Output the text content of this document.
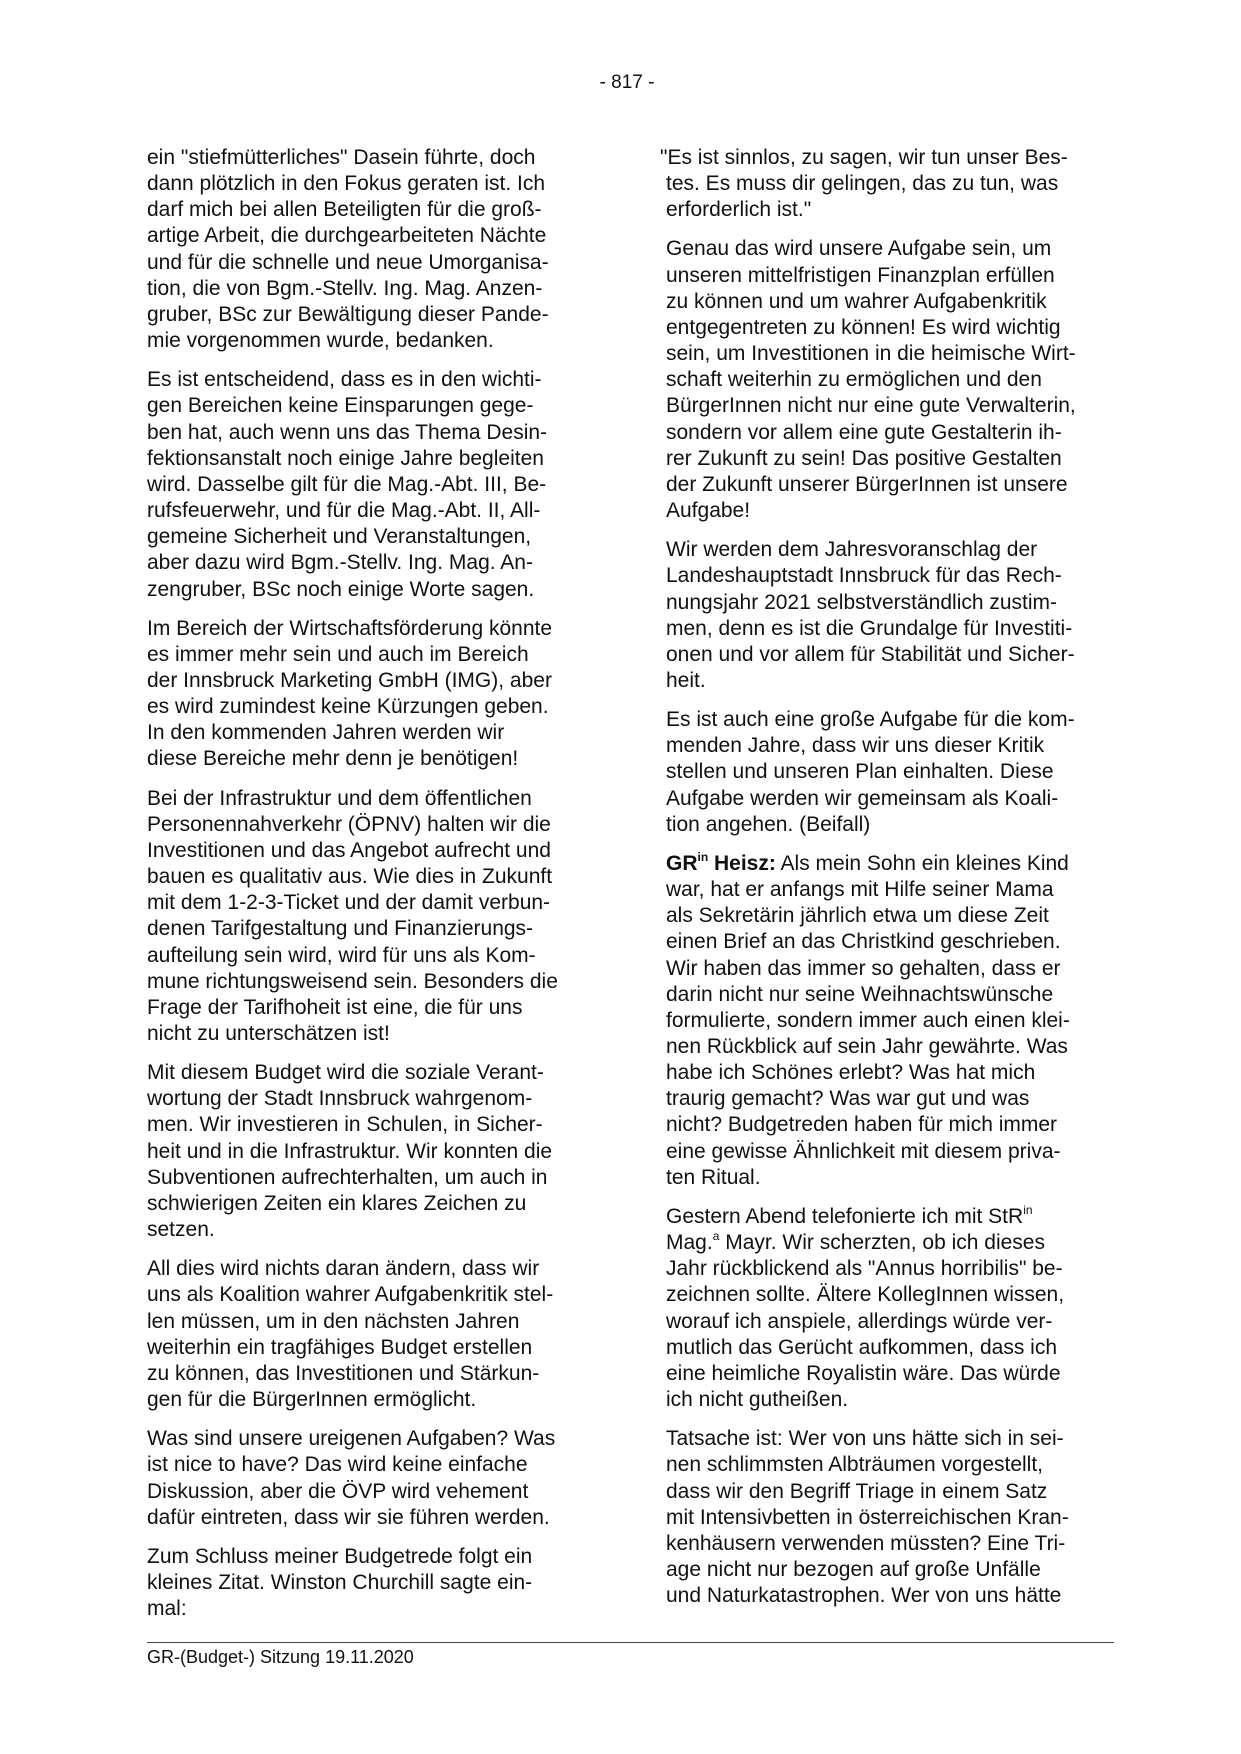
- 817 -
ein "stiefmütterliches" Dasein führte, doch
dann plötzlich in den Fokus geraten ist. Ich
darf mich bei allen Beteiligten für die groß-
artige Arbeit, die durchgearbeiteten Nächte
und für die schnelle und neue Umorganisa-
tion, die von Bgm.-Stellv. Ing. Mag. Anzen-
gruber, BSc zur Bewältigung dieser Pande-
mie vorgenommen wurde, bedanken.
Es ist entscheidend, dass es in den wichti-
gen Bereichen keine Einsparungen gege-
ben hat, auch wenn uns das Thema Desin-
fektionsanstalt noch einige Jahre begleiten
wird. Dasselbe gilt für die Mag.-Abt. III, Be-
rufsfeuerwehr, und für die Mag.-Abt. II, All-
gemeine Sicherheit und Veranstaltungen,
aber dazu wird Bgm.-Stellv. Ing. Mag. An-
zengruber, BSc noch einige Worte sagen.
Im Bereich der Wirtschaftsförderung könnte
es immer mehr sein und auch im Bereich
der Innsbruck Marketing GmbH (IMG), aber
es wird zumindest keine Kürzungen geben.
In den kommenden Jahren werden wir
diese Bereiche mehr denn je benötigen!
Bei der Infrastruktur und dem öffentlichen
Personennahverkehr (ÖPNV) halten wir die
Investitionen und das Angebot aufrecht und
bauen es qualitativ aus. Wie dies in Zukunft
mit dem 1-2-3-Ticket und der damit verbun-
denen Tarifgestaltung und Finanzierungs-
aufteilung sein wird, wird für uns als Kom-
mune richtungsweisend sein. Besonders die
Frage der Tarifhoheit ist eine, die für uns
nicht zu unterschätzen ist!
Mit diesem Budget wird die soziale Verant-
wortung der Stadt Innsbruck wahrgenom-
men. Wir investieren in Schulen, in Sicher-
heit und in die Infrastruktur. Wir konnten die
Subventionen aufrechterhalten, um auch in
schwierigen Zeiten ein klares Zeichen zu
setzen.
All dies wird nichts daran ändern, dass wir
uns als Koalition wahrer Aufgabenkritik stel-
len müssen, um in den nächsten Jahren
weiterhin ein tragfähiges Budget erstellen
zu können, das Investitionen und Stärkun-
gen für die BürgerInnen ermöglicht.
Was sind unsere ureigenen Aufgaben? Was
ist nice to have? Das wird keine einfache
Diskussion, aber die ÖVP wird vehement
dafür eintreten, dass wir sie führen werden.
Zum Schluss meiner Budgetrede folgt ein
kleines Zitat. Winston Churchill sagte ein-
mal:
"Es ist sinnlos, zu sagen, wir tun unser Bes-
tes. Es muss dir gelingen, das zu tun, was
erforderlich ist."
Genau das wird unsere Aufgabe sein, um
unseren mittelfristigen Finanzplan erfüllen
zu können und um wahrer Aufgabenkritik
entgegentreten zu können! Es wird wichtig
sein, um Investitionen in die heimische Wirt-
schaft weiterhin zu ermöglichen und den
BürgerInnen nicht nur eine gute Verwalterin,
sondern vor allem eine gute Gestalterin ih-
rer Zukunft zu sein! Das positive Gestalten
der Zukunft unserer BürgerInnen ist unsere
Aufgabe!
Wir werden dem Jahresvoranschlag der
Landeshauptstadt Innsbruck für das Rech-
nungsjahr 2021 selbstverständlich zustim-
men, denn es ist die Grundalge für Investiti-
onen und vor allem für Stabilität und Sicher-
heit.
Es ist auch eine große Aufgabe für die kom-
menden Jahre, dass wir uns dieser Kritik
stellen und unseren Plan einhalten. Diese
Aufgabe werden wir gemeinsam als Koali-
tion angehen. (Beifall)
$GR^{in}$ Heisz: Als mein Sohn ein kleines Kind
war, hat er anfangs mit Hilfe seiner Mama
als Sekretärin jährlich etwa um diese Zeit
einen Brief an das Christkind geschrieben.
Wir haben das immer so gehalten, dass er
darin nicht nur seine Weihnachtswünsche
formulierte, sondern immer auch einen klei-
nen Rückblick auf sein Jahr gewährte. Was
habe ich Schönes erlebt? Was hat mich
traurig gemacht? Was war gut und was
nicht? Budgetreden haben für mich immer
eine gewisse Ähnlichkeit mit diesem priva-
ten Ritual.
Gestern Abend telefonierte ich mit StR$^{in}$
Mag.$^a$ Mayr. Wir scherzten, ob ich dieses
Jahr rückblickend als "Annus horribilis" be-
zeichnen sollte. Ältere KollegInnen wissen,
worauf ich anspiele, allerdings würde ver-
mutlich das Gerücht aufkommen, dass ich
eine heimliche Royalistin wäre. Das würde
ich nicht gutheißen.
Tatsache ist: Wer von uns hätte sich in sei-
nen schlimmsten Albträumen vorgestellt,
dass wir den Begriff Triage in einem Satz
mit Intensivbetten in österreichischen Kran-
kenhäusern verwenden müssten? Eine Tri-
age nicht nur bezogen auf große Unfälle
und Naturkatastrophen. Wer von uns hätte
GR-(Budget-) Sitzung 19.11.2020
